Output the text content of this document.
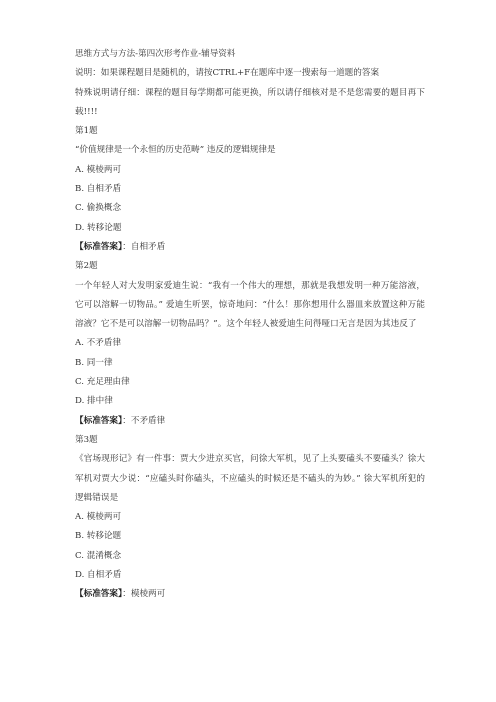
思维方式与方法-第四次形考作业-辅导资料
说明：如果课程题目是随机的，请按CTRL+F在题库中逐一搜索每一道题的答案
特殊说明请仔细：课程的题目每学期都可能更换，所以请仔细核对是不是您需要的题目再下载!!!!
第1题
“价值规律是一个永恒的历史范畴” 违反的逻辑规律是
A. 模棱两可
B. 自相矛盾
C. 偷换概念
D. 转移论题
【标准答案】：自相矛盾
第2题
一个年轻人对大发明家爱迪生说：“我有一个伟大的理想，那就是我想发明一种万能溶液，它可以溶解一切物品。” 爱迪生听罢，惊奇地问：“什么！那你想用什么器皿来放置这种万能溶液？它不是可以溶解一切物品吗？”。这个年轻人被爱迪生问得哑口无言是因为其违反了
A. 不矛盾律
B. 同一律
C. 充足理由律
D. 排中律
【标准答案】：不矛盾律
第3题
《官场现形记》有一件事：贾大少进京买官，问徐大军机，见了上头要磕头不要磕头？徐大军机对贾大少说：“应磕头时你磕头，不应磕头的时候还是不磕头的为妙。” 徐大军机所犯的逻辑错误是
A. 模棱两可
B. 转移论题
C. 混淆概念
D. 自相矛盾
【标准答案】：模棱两可
